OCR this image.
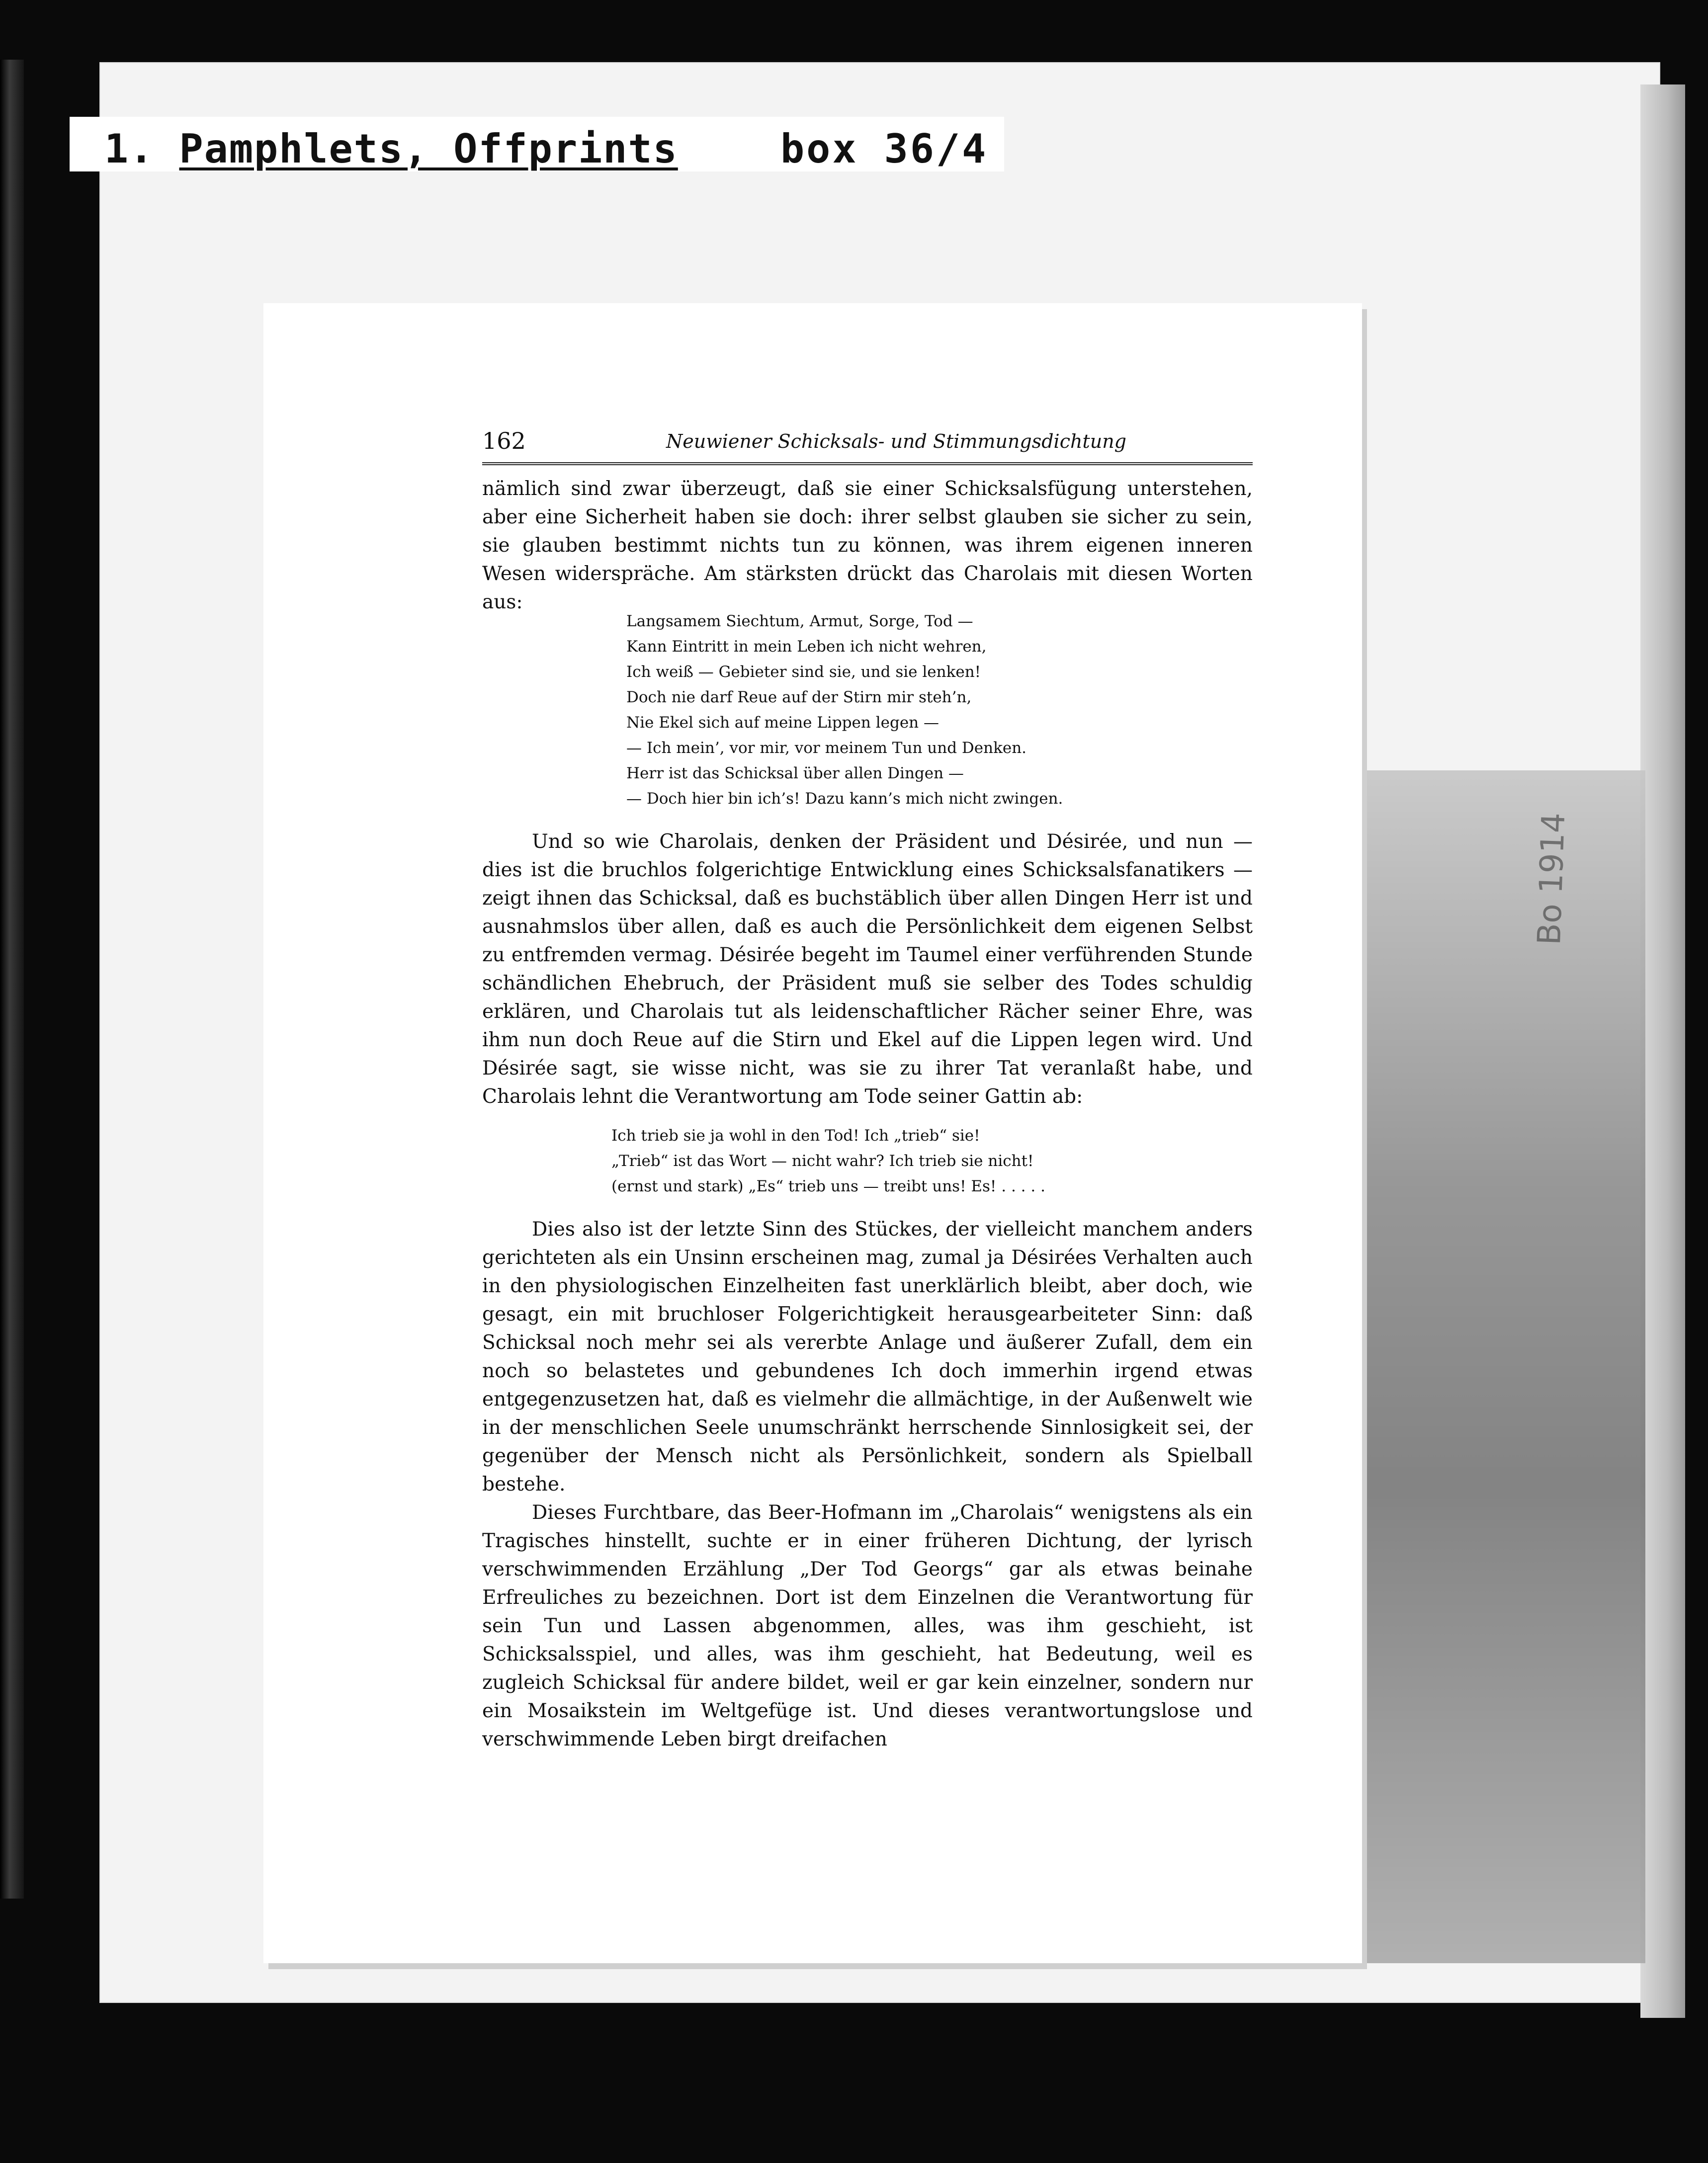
1. Pamphlets, Offprints	box 36/4
162	Neuwiener Schicksals- und Stimmungsdichtung

nämlich sind zwar überzeugt, daß sie einer Schicksalsfügung unterstehen, aber eine Sicherheit haben sie doch: ihrer selbst glauben sie sicher zu sein, sie glauben bestimmt nichts tun zu können, was ihrem eigenen inneren Wesen widerspräche. Am stärksten drückt das Charolais mit diesen Worten aus:

Langsamem Siechtum, Armut, Sorge, Tod —
Kann Eintritt in mein Leben ich nicht wehren,
Ich weiß — Gebieter sind sie, und sie lenken!
Doch nie darf Reue auf der Stirn mir steh’n,
Nie Ekel sich auf meine Lippen legen —
— Ich mein’, vor mir, vor meinem Tun und Denken.
Herr ist das Schicksal über allen Dingen —
— Doch hier bin ich’s! Dazu kann’s mich nicht zwingen.

Und so wie Charolais, denken der Präsident und Désirée, und nun — dies ist die bruchlos folgerichtige Entwicklung eines Schicksalsfanatikers — zeigt ihnen das Schicksal, daß es buchstäblich über allen Dingen Herr ist und ausnahmslos über allen, daß es auch die Persönlichkeit dem eigenen Selbst zu entfremden vermag. Désirée begeht im Taumel einer verführenden Stunde schändlichen Ehebruch, der Präsident muß sie selber des Todes schuldig erklären, und Charolais tut als leidenschaftlicher Rächer seiner Ehre, was ihm nun doch Reue auf die Stirn und Ekel auf die Lippen legen wird. Und Désirée sagt, sie wisse nicht, was sie zu ihrer Tat veranlaßt habe, und Charolais lehnt die Verantwortung am Tode seiner Gattin ab:

Ich trieb sie ja wohl in den Tod! Ich „trieb“ sie!
„Trieb“ ist das Wort — nicht wahr? Ich trieb sie nicht!
(ernst und stark) „Es“ trieb uns — treibt uns! Es! . . . . .

Dies also ist der letzte Sinn des Stückes, der vielleicht manchem anders gerichteten als ein Unsinn erscheinen mag, zumal ja Désirées Verhalten auch in den physiologischen Einzelheiten fast unerklärlich bleibt, aber doch, wie gesagt, ein mit bruchloser Folgerichtigkeit herausgearbeiteter Sinn: daß Schicksal noch mehr sei als vererbte Anlage und äußerer Zufall, dem ein noch so belastetes und gebundenes Ich doch immerhin irgend etwas entgegenzusetzen hat, daß es vielmehr die allmächtige, in der Außenwelt wie in der menschlichen Seele unumschränkt herrschende Sinnlosigkeit sei, der gegenüber der Mensch nicht als Persönlichkeit, sondern als Spielball bestehe.

Dieses Furchtbare, das Beer-Hofmann im „Charolais“ wenigstens als ein Tragisches hinstellt, suchte er in einer früheren Dichtung, der lyrisch verschwimmenden Erzählung „Der Tod Georgs“ gar als etwas beinahe Erfreuliches zu bezeichnen. Dort ist dem Einzelnen die Verantwortung für sein Tun und Lassen abgenommen, alles, was ihm geschieht, ist Schicksalsspiel, und alles, was ihm geschieht, hat Bedeutung, weil es zugleich Schicksal für andere bildet, weil er gar kein einzelner, sondern nur ein Mosaikstein im Weltgefüge ist. Und dieses verantwortungslose und verschwimmende Leben birgt dreifachen
